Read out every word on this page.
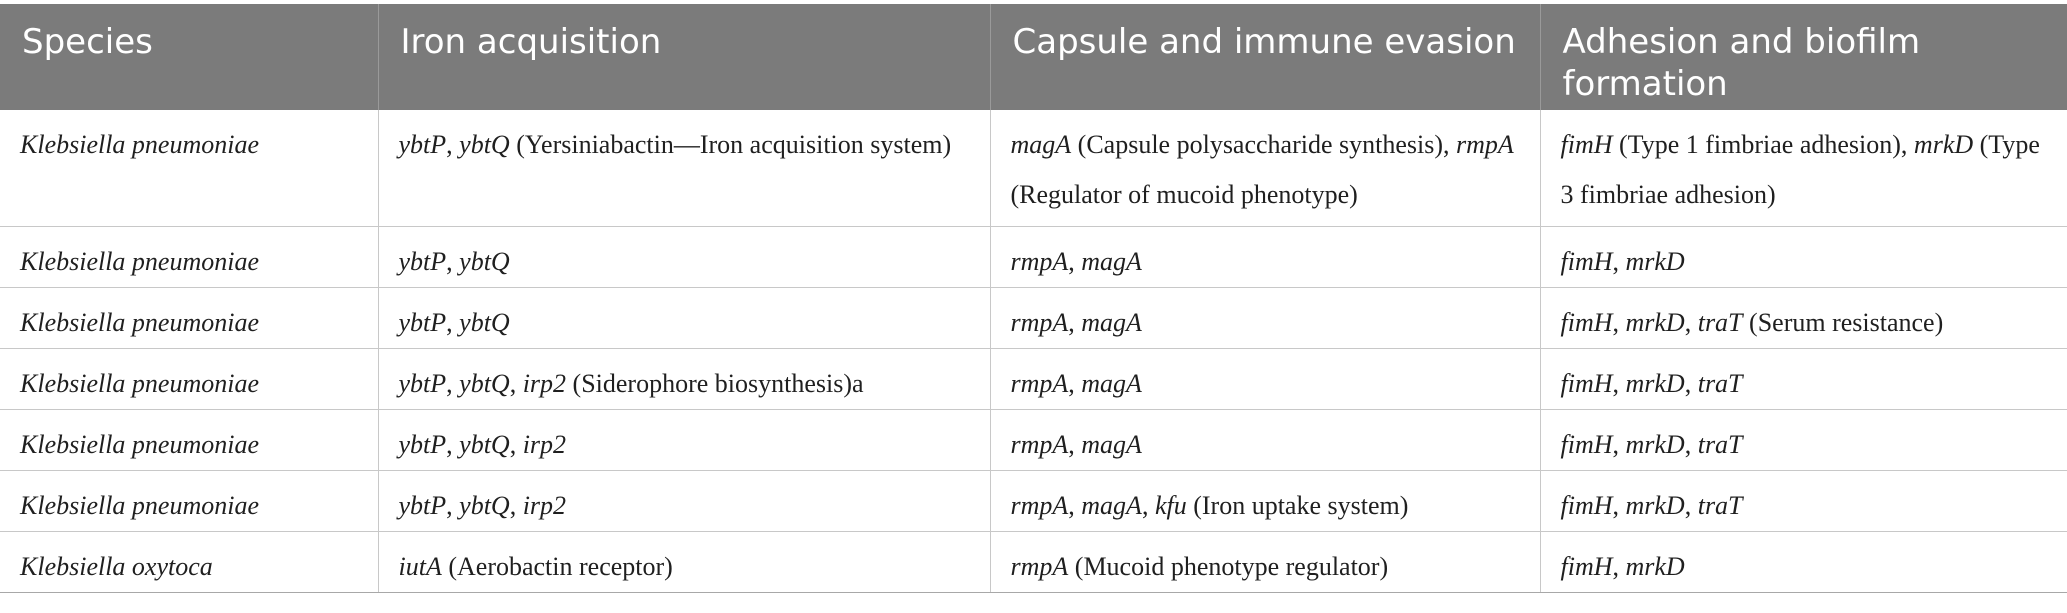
Species	Iron acquisition	Capsule and immune evasion	Adhesion and biofilm formation
Klebsiella pneumoniae	ybtP, ybtQ (Yersiniabactin—Iron acquisition system)	magA (Capsule polysaccharide synthesis), rmpA (Regulator of mucoid phenotype)	fimH (Type 1 fimbriae adhesion), mrkD (Type 3 fimbriae adhesion)
Klebsiella pneumoniae	ybtP, ybtQ	rmpA, magA	fimH, mrkD
Klebsiella pneumoniae	ybtP, ybtQ	rmpA, magA	fimH, mrkD, traT (Serum resistance)
Klebsiella pneumoniae	ybtP, ybtQ, irp2 (Siderophore biosynthesis)a	rmpA, magA	fimH, mrkD, traT
Klebsiella pneumoniae	ybtP, ybtQ, irp2	rmpA, magA	fimH, mrkD, traT
Klebsiella pneumoniae	ybtP, ybtQ, irp2	rmpA, magA, kfu (Iron uptake system)	fimH, mrkD, traT
Klebsiella oxytoca	iutA (Aerobactin receptor)	rmpA (Mucoid phenotype regulator)	fimH, mrkD
